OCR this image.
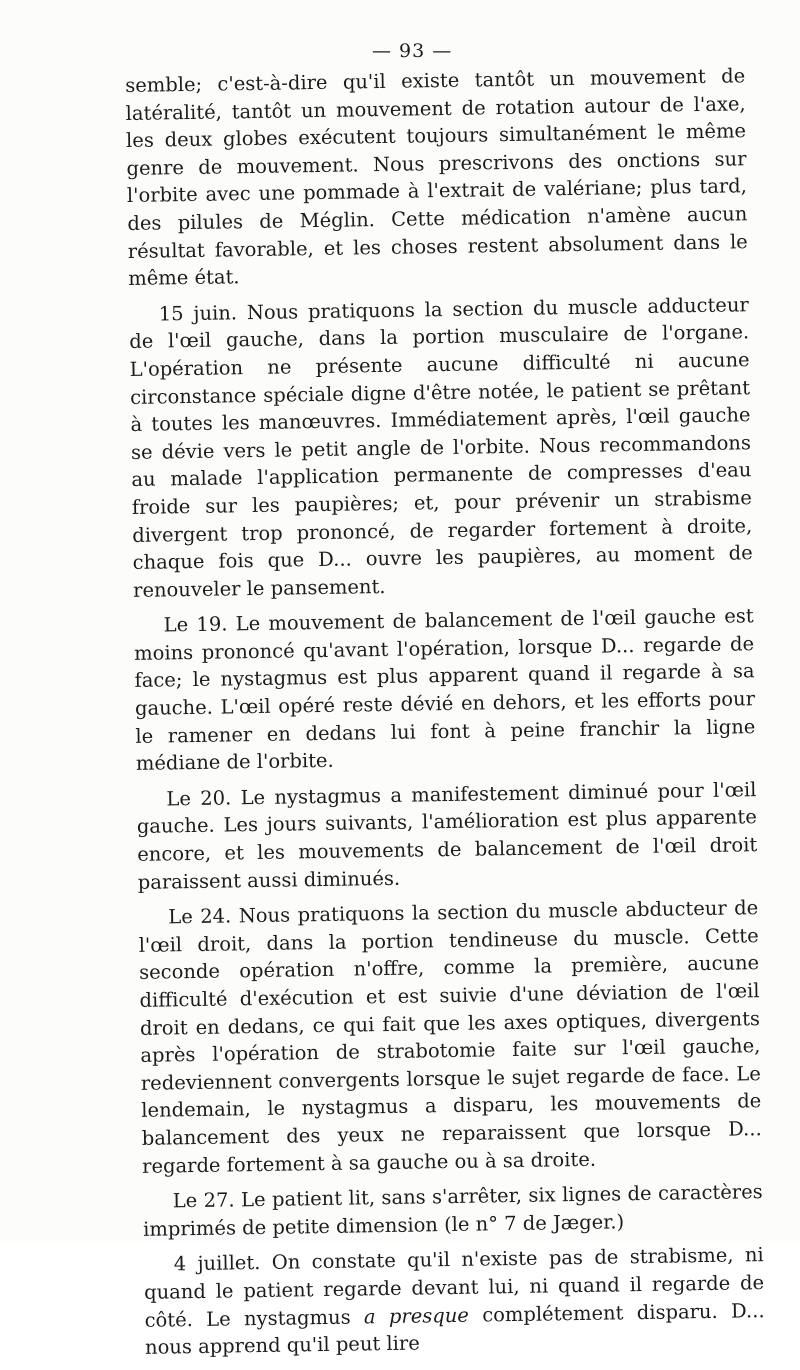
— 93 —

semble; c'est-à-dire qu'il existe tantôt un mouvement de latéralité, tantôt un mouvement de rotation autour de l'axe, les deux globes exécutent toujours simultanément le même genre de mouvement. Nous prescrivons des onctions sur l'orbite avec une pommade à l'extrait de valériane; plus tard, des pilules de Méglin. Cette médication n'amène aucun résultat favorable, et les choses restent absolument dans le même état.

15 juin. Nous pratiquons la section du muscle adducteur de l'œil gauche, dans la portion musculaire de l'organe. L'opération ne présente aucune difficulté ni aucune circonstance spéciale digne d'être notée, le patient se prêtant à toutes les manœuvres. Immédiatement après, l'œil gauche se dévie vers le petit angle de l'orbite. Nous recommandons au malade l'application permanente de compresses d'eau froide sur les paupières; et, pour prévenir un strabisme divergent trop prononcé, de regarder fortement à droite, chaque fois que D... ouvre les paupières, au moment de renouveler le pansement.

Le 19. Le mouvement de balancement de l'œil gauche est moins prononcé qu'avant l'opération, lorsque D... regarde de face; le nystagmus est plus apparent quand il regarde à sa gauche. L'œil opéré reste dévié en dehors, et les efforts pour le ramener en dedans lui font à peine franchir la ligne médiane de l'orbite.

Le 20. Le nystagmus a manifestement diminué pour l'œil gauche. Les jours suivants, l'amélioration est plus apparente encore, et les mouvements de balancement de l'œil droit paraissent aussi diminués.

Le 24. Nous pratiquons la section du muscle abducteur de l'œil droit, dans la portion tendineuse du muscle. Cette seconde opération n'offre, comme la première, aucune difficulté d'exécution et est suivie d'une déviation de l'œil droit en dedans, ce qui fait que les axes optiques, divergents après l'opération de strabotomie faite sur l'œil gauche, redeviennent convergents lorsque le sujet regarde de face. Le lendemain, le nystagmus a disparu, les mouvements de balancement des yeux ne reparaissent que lorsque D... regarde fortement à sa gauche ou à sa droite.

Le 27. Le patient lit, sans s'arrêter, six lignes de caractères imprimés de petite dimension (le n° 7 de Jæger.)

4 juillet. On constate qu'il n'existe pas de strabisme, ni quand le patient regarde devant lui, ni quand il regarde de côté. Le nystagmus a presque complétement disparu. D... nous apprend qu'il peut lire
